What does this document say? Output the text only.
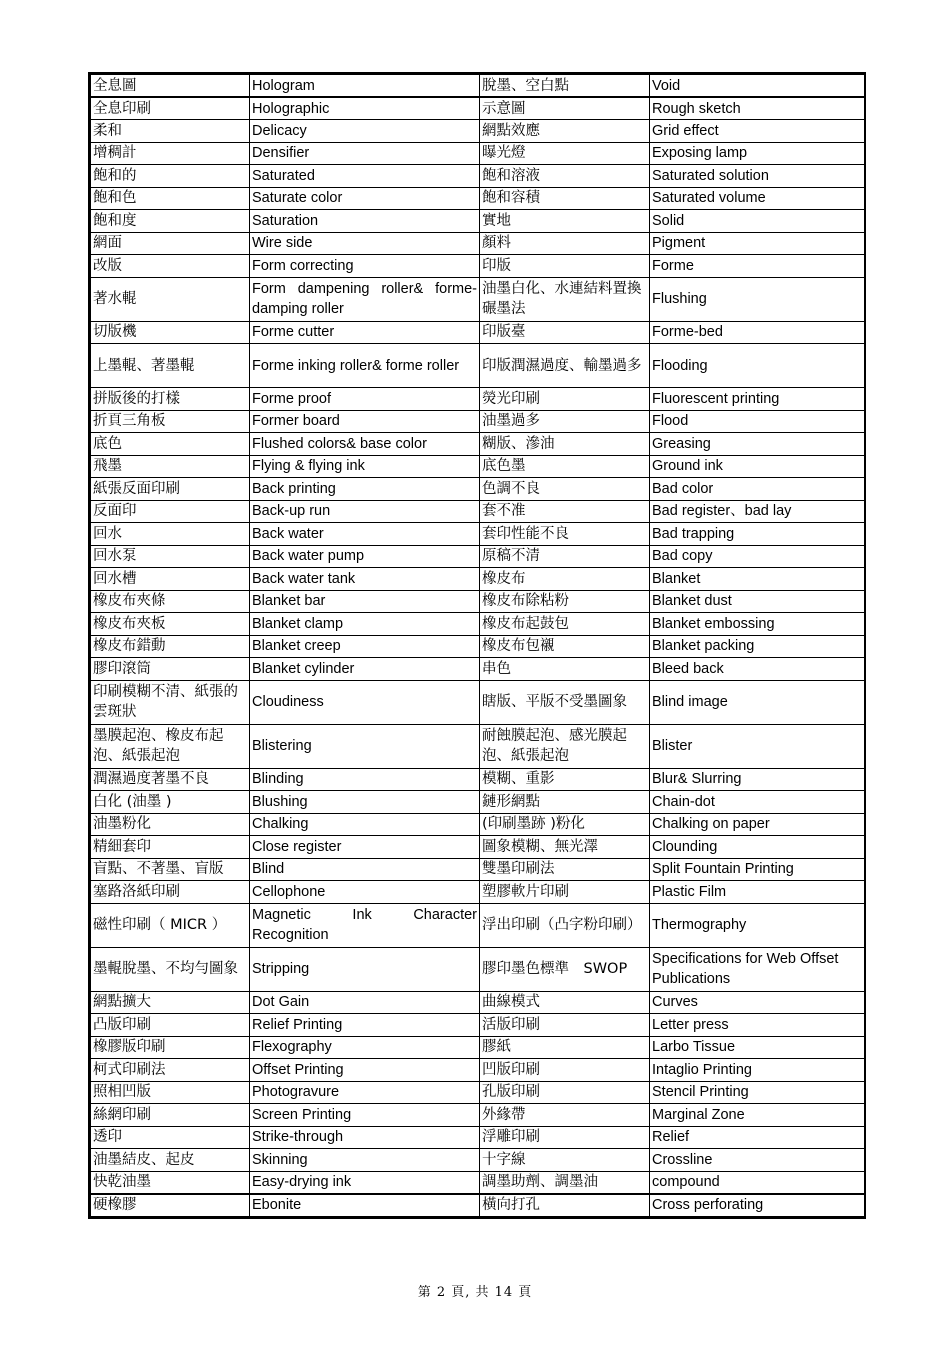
全息圖	Hologram	脫墨、空白點	Void
全息印刷	Holographic	示意圖	Rough sketch
柔和	Delicacy	網點效應	Grid effect
增稠計	Densifier	曝光燈	Exposing lamp
飽和的	Saturated	飽和溶液	Saturated solution
飽和色	Saturate color	飽和容積	Saturated volume
飽和度	Saturation	實地	Solid
網面	Wire side	顏料	Pigment
改版	Form correcting	印版	Forme
著水輥	Form dampening roller& forme-damping roller	油墨白化、水連結料置換碾墨法	Flushing
切版機	Forme cutter	印版臺	Forme-bed
上墨輥、著墨輥	Forme inking roller& forme roller	印版潤濕過度、輸墨過多	Flooding
拼版後的打樣	Forme proof	熒光印刷	Fluorescent printing
折頁三角板	Former board	油墨過多	Flood
底色	Flushed colors& base color	糊版、滲油	Greasing
飛墨	Flying & flying ink	底色墨	Ground ink
紙張反面印刷	Back printing	色調不良	Bad color
反面印	Back-up run	套不准	Bad register、bad lay
回水	Back water	套印性能不良	Bad trapping
回水泵	Back water pump	原稿不清	Bad copy
回水槽	Back water tank	橡皮布	Blanket
橡皮布夾條	Blanket bar	橡皮布除粘粉	Blanket dust
橡皮布夾板	Blanket clamp	橡皮布起鼓包	Blanket embossing
橡皮布錯動	Blanket creep	橡皮布包襯	Blanket packing
膠印滾筒	Blanket cylinder	串色	Bleed back
印刷模糊不清、紙張的雲斑狀	Cloudiness	瞎版、平版不受墨圖象	Blind image
墨膜起泡、橡皮布起泡、紙張起泡	Blistering	耐蝕膜起泡、感光膜起泡、紙張起泡	Blister
潤濕過度著墨不良	Blinding	模糊、重影	Blur& Slurring
白化 (油墨 )	Blushing	鏈形網點	Chain-dot
油墨粉化	Chalking	(印刷墨跡 )粉化	Chalking on paper
精細套印	Close register	圖象模糊、無光澤	Clounding
盲點、不著墨、盲版	Blind	雙墨印刷法	Split Fountain Printing
塞路洛紙印刷	Cellophone	塑膠軟片印刷	Plastic Film
磁性印刷（ MICR ）	Magnetic Ink Character Recognition	浮出印刷（凸字粉印刷）	Thermography
墨輥脫墨、不均勻圖象	Stripping	膠印墨色標準　SWOP	Specifications for Web Offset Publications
網點擴大	Dot Gain	曲線模式	Curves
凸版印刷	Relief Printing	活版印刷	Letter press
橡膠版印刷	Flexography	膠紙	Larbo Tissue
柯式印刷法	Offset Printing	凹版印刷	Intaglio Printing
照相凹版	Photogravure	孔版印刷	Stencil Printing
絲網印刷	Screen Printing	外緣帶	Marginal Zone
透印	Strike-through	浮雕印刷	Relief
油墨結皮、起皮	Skinning	十字線	Crossline
快乾油墨	Easy-drying ink	調墨助劑、調墨油	compound
硬橡膠	Ebonite	橫向打孔	Cross perforating
第 2 頁, 共 14 頁
